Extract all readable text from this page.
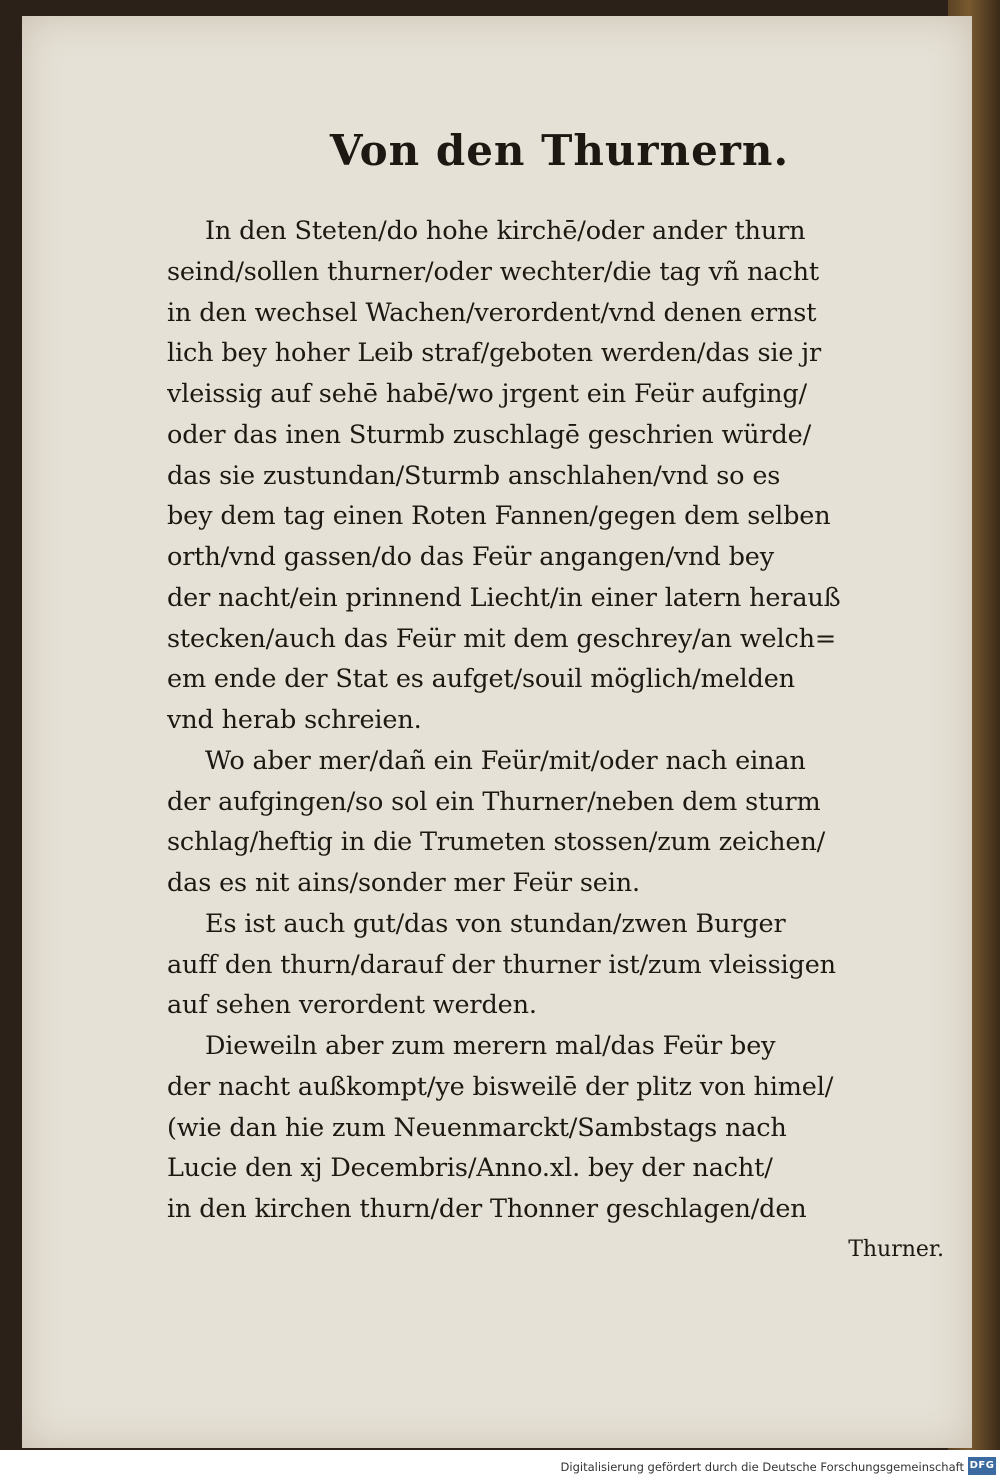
Von den Thurnern.
In den Steten/do hohe kirchē/oder ander thurn
seind/sollen thurner/oder wechter/die tag vñ nacht
in den wechsel Wachen/verordent/vnd denen ernst
lich bey hoher Leib straf/geboten werden/das sie jr
vleissig auf sehē habē/wo jrgent ein Feür aufging/
oder das inen Sturmb zuschlagē geschrien würde/
das sie zustundan/Sturmb anschlahen/vnd so es
bey dem tag einen Roten Fannen/gegen dem selben
orth/vnd gassen/do das Feür angangen/vnd bey
der nacht/ein prinnend Liecht/in einer latern herauß
stecken/auch das Feür mit dem geschrey/an welch=
em ende der Stat es aufget/souil möglich/melden
vnd herab schreien.
Wo aber mer/dañ ein Feür/mit/oder nach einan
der aufgingen/so sol ein Thurner/neben dem sturm
schlag/heftig in die Trumeten stossen/zum zeichen/
das es nit ains/sonder mer Feür sein.
Es ist auch gut/das von stundan/zwen Burger
auff den thurn/darauf der thurner ist/zum vleissigen
auf sehen verordent werden.
Dieweiln aber zum merern mal/das Feür bey
der nacht außkompt/ye bisweilē der plitz von himel/
(wie dan hie zum Neuenmarckt/Sambstags nach
Lucie den xj Decembris/Anno.xl. bey der nacht/
in den kirchen thurn/der Thonner geschlagen/den
Thurner.
Digitalisierung gefördert durch die Deutsche Forschungsgemeinschaft DFG
